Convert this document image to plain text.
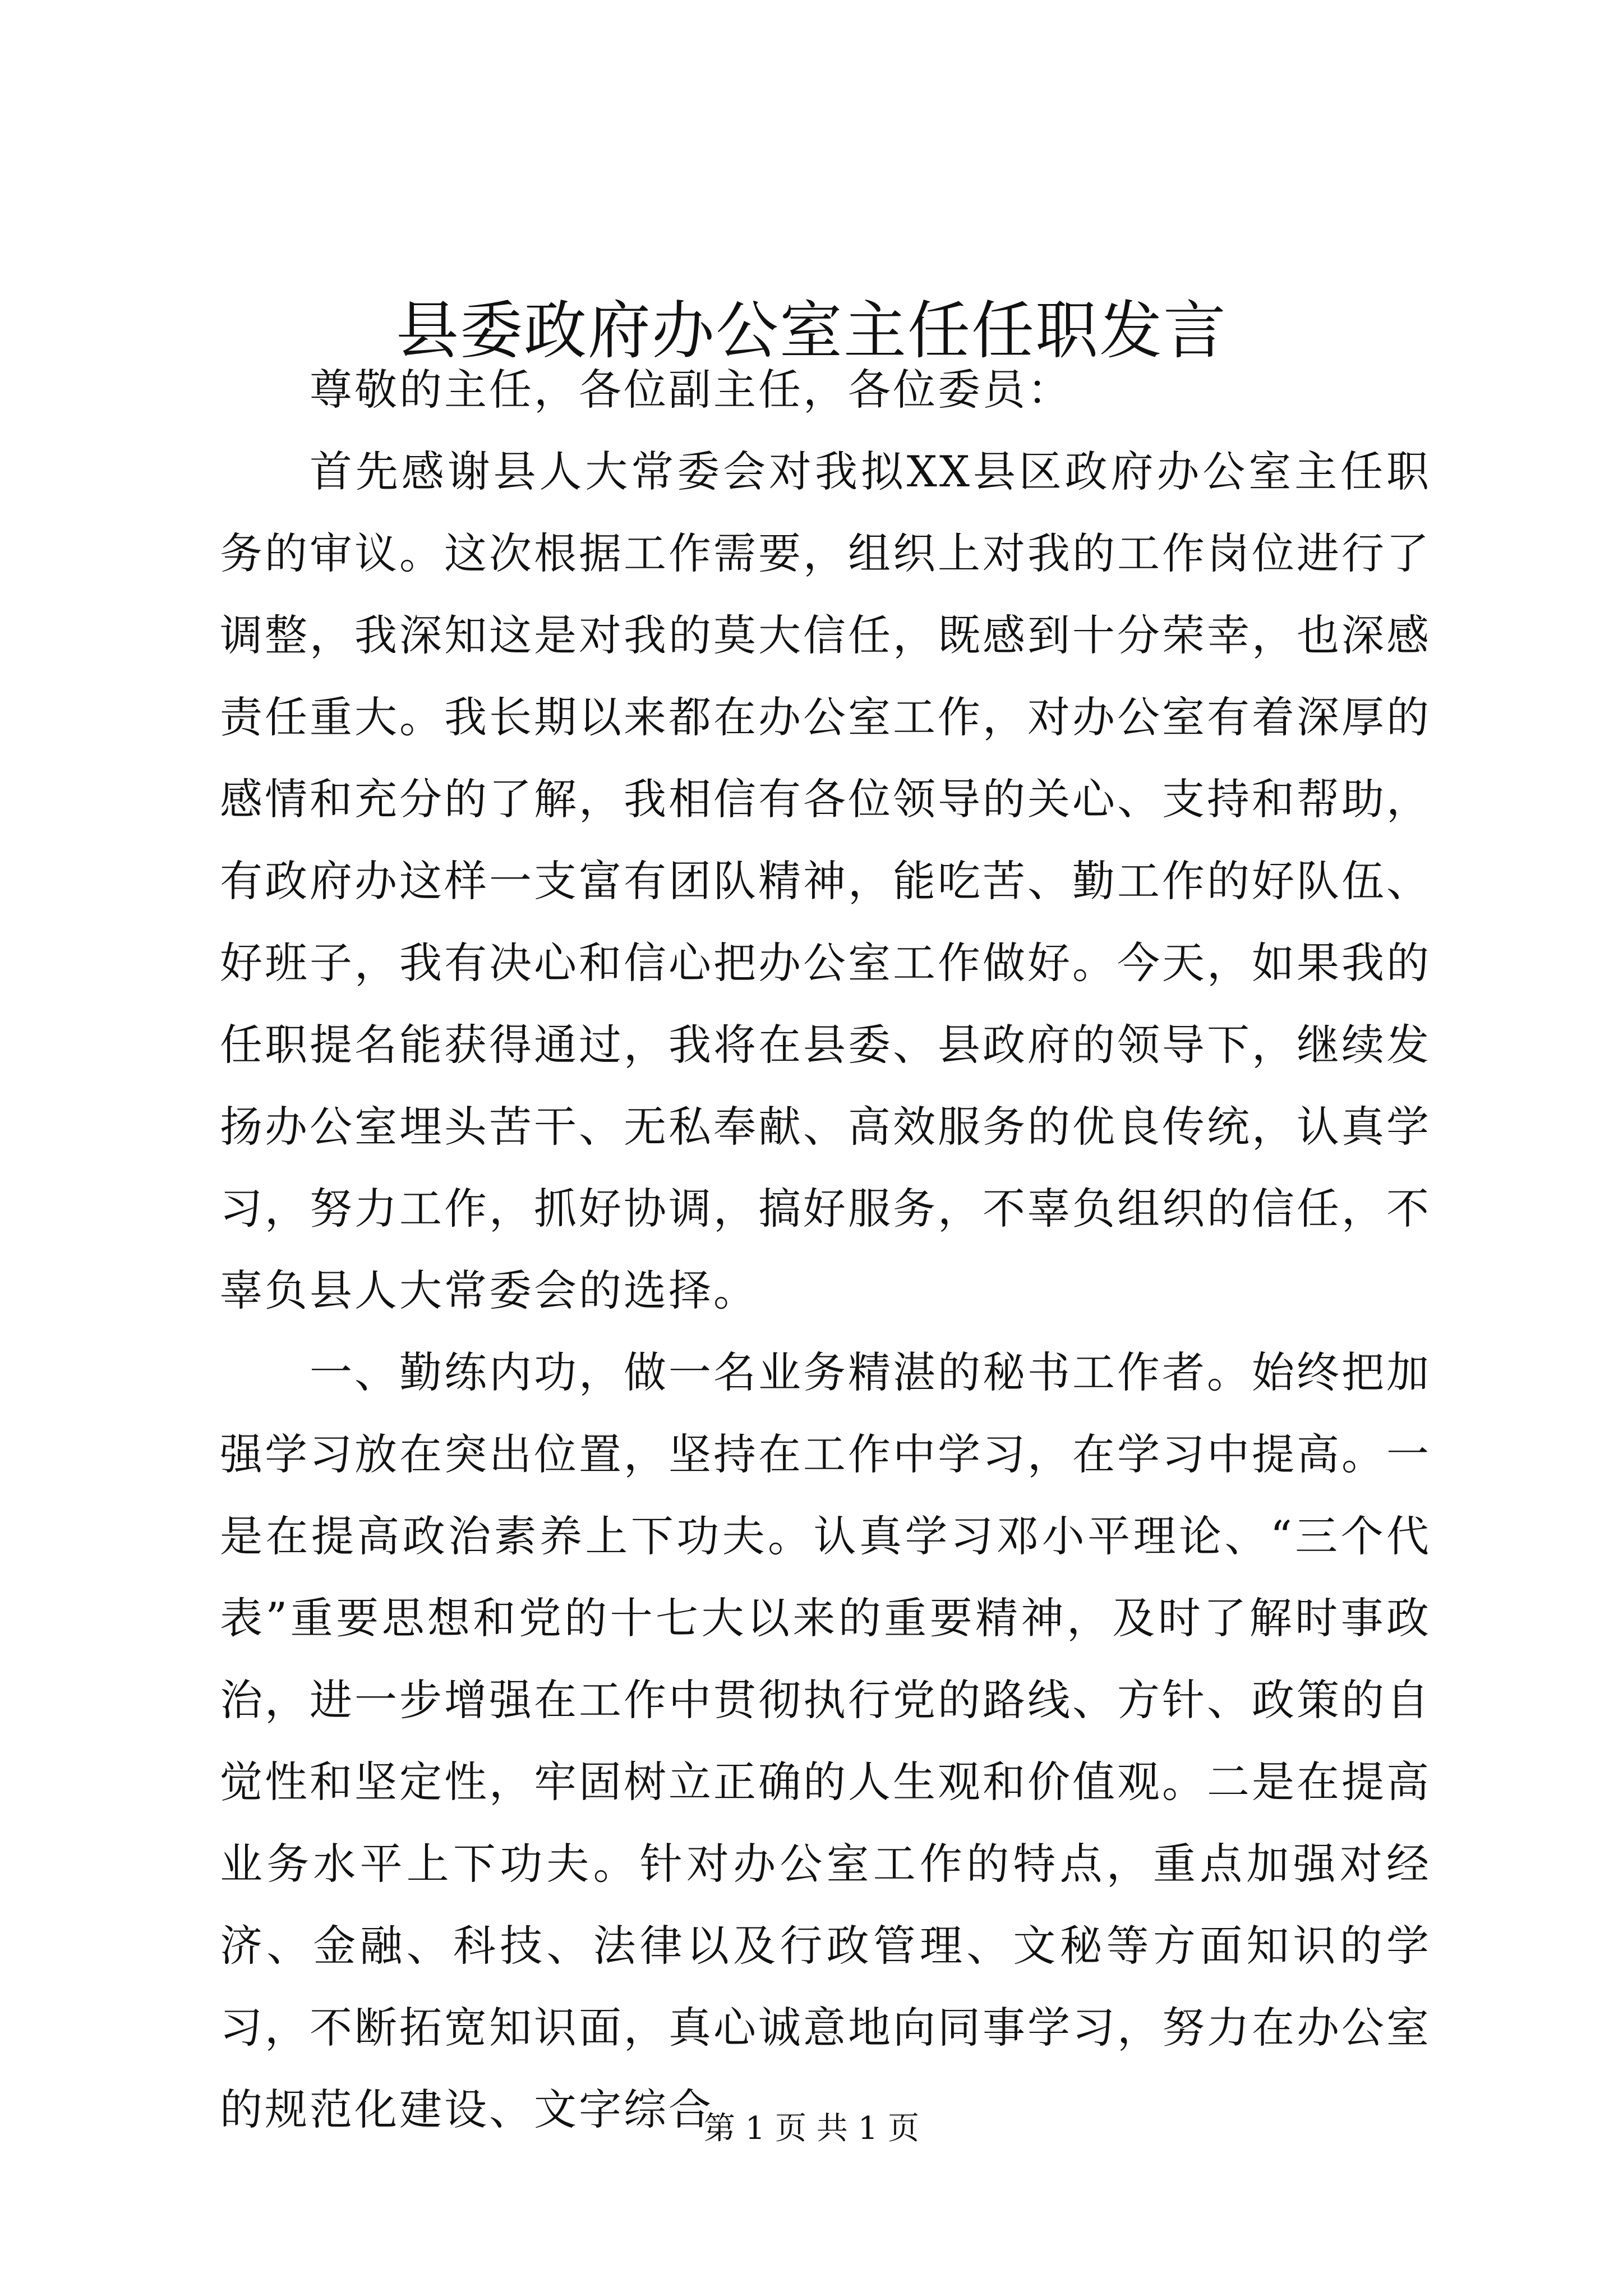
县委政府办公室主任任职发言

尊敬的主任，各位副主任，各位委员：

首先感谢县人大常委会对我拟XX县区政府办公室主任职务的审议。这次根据工作需要，组织上对我的工作岗位进行了调整，我深知这是对我的莫大信任，既感到十分荣幸，也深感责任重大。我长期以来都在办公室工作，对办公室有着深厚的感情和充分的了解，我相信有各位领导的关心、支持和帮助，有政府办这样一支富有团队精神，能吃苦、勤工作的好队伍、好班子，我有决心和信心把办公室工作做好。今天，如果我的任职提名能获得通过，我将在县委、县政府的领导下，继续发扬办公室埋头苦干、无私奉献、高效服务的优良传统，认真学习，努力工作，抓好协调，搞好服务，不辜负组织的信任，不辜负县人大常委会的选择。

一、勤练内功，做一名业务精湛的秘书工作者。始终把加强学习放在突出位置，坚持在工作中学习，在学习中提高。一是在提高政治素养上下功夫。认真学习邓小平理论、“三个代表”重要思想和党的十七大以来的重要精神，及时了解时事政治，进一步增强在工作中贯彻执行党的路线、方针、政策的自觉性和坚定性，牢固树立正确的人生观和价值观。二是在提高业务水平上下功夫。针对办公室工作的特点，重点加强对经济、金融、科技、法律以及行政管理、文秘等方面知识的学习，不断拓宽知识面，真心诚意地向同事学习，努力在办公室的规范化建设、文字综合

第 1 页 共 1 页
